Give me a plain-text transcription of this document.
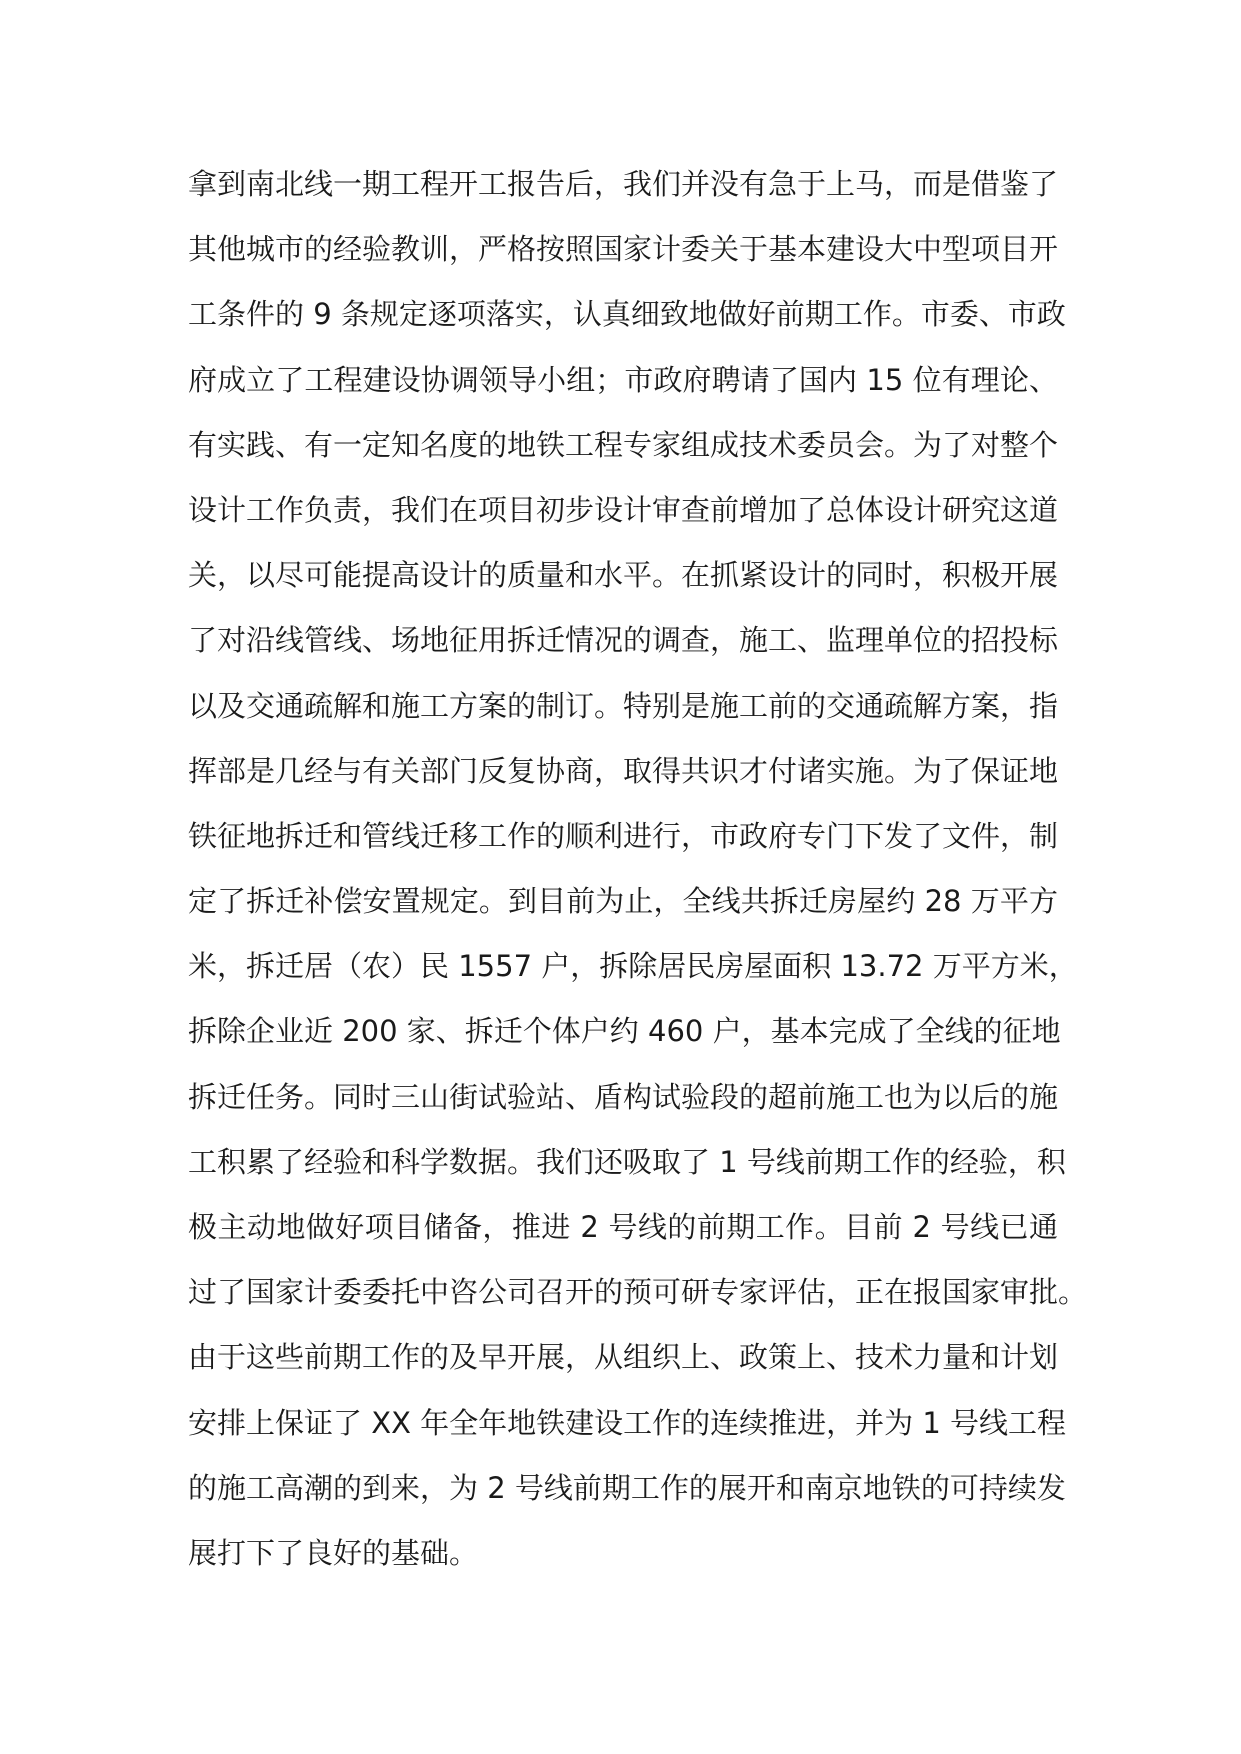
拿到南北线一期工程开工报告后，我们并没有急于上马，而是借鉴了
其他城市的经验教训，严格按照国家计委关于基本建设大中型项目开
工条件的 9 条规定逐项落实，认真细致地做好前期工作。市委、市政
府成立了工程建设协调领导小组；市政府聘请了国内 15 位有理论、
有实践、有一定知名度的地铁工程专家组成技术委员会。为了对整个
设计工作负责，我们在项目初步设计审查前增加了总体设计研究这道
关，以尽可能提高设计的质量和水平。在抓紧设计的同时，积极开展
了对沿线管线、场地征用拆迁情况的调查，施工、监理单位的招投标
以及交通疏解和施工方案的制订。特别是施工前的交通疏解方案，指
挥部是几经与有关部门反复协商，取得共识才付诸实施。为了保证地
铁征地拆迁和管线迁移工作的顺利进行，市政府专门下发了文件，制
定了拆迁补偿安置规定。到目前为止，全线共拆迁房屋约 28 万平方
米，拆迁居（农）民 1557 户，拆除居民房屋面积 13.72 万平方米，
拆除企业近 200 家、拆迁个体户约 460 户，基本完成了全线的征地
拆迁任务。同时三山街试验站、盾构试验段的超前施工也为以后的施
工积累了经验和科学数据。我们还吸取了 1 号线前期工作的经验，积
极主动地做好项目储备，推进 2 号线的前期工作。目前 2 号线已通
过了国家计委委托中咨公司召开的预可研专家评估，正在报国家审批。
由于这些前期工作的及早开展，从组织上、政策上、技术力量和计划
安排上保证了 XX 年全年地铁建设工作的连续推进，并为 1 号线工程
的施工高潮的到来，为 2 号线前期工作的展开和南京地铁的可持续发
展打下了良好的基础。
